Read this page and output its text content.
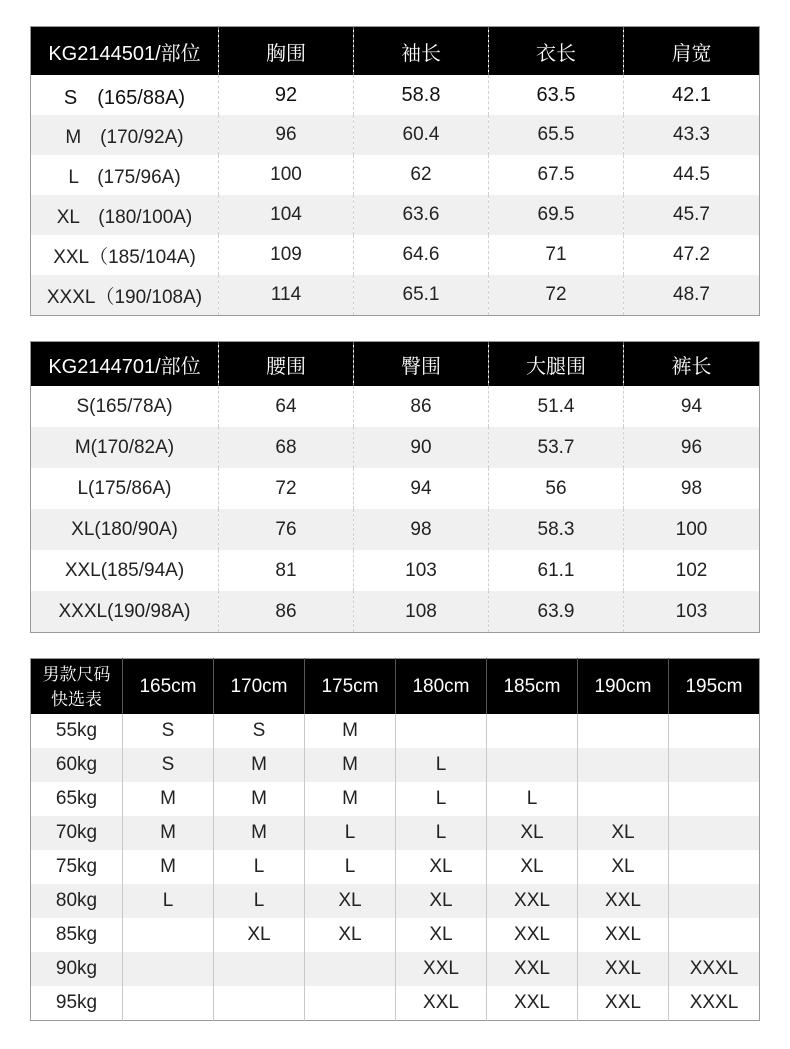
KG2144501/部位	胸围	袖长	衣长	肩宽
S　(165/88A)	92	58.8	63.5	42.1
M　(170/92A)	96	60.4	65.5	43.3
L　(175/96A)	100	62	67.5	44.5
XL　(180/100A)	104	63.6	69.5	45.7
XXL（185/104A)	109	64.6	71	47.2
XXXL（190/108A)	114	65.1	72	48.7
KG2144701/部位	腰围	臀围	大腿围	裤长
S(165/78A)	64	86	51.4	94
M(170/82A)	68	90	53.7	96
L(175/86A)	72	94	56	98
XL(180/90A)	76	98	58.3	100
XXL(185/94A)	81	103	61.1	102
XXXL(190/98A)	86	108	63.9	103
男款尺码
快选表	165cm	170cm	175cm	180cm	185cm	190cm	195cm
55kg	S	S	M				
60kg	S	M	M	L			
65kg	M	M	M	L	L		
70kg	M	M	L	L	XL	XL	
75kg	M	L	L	XL	XL	XL	
80kg	L	L	XL	XL	XXL	XXL	
85kg		XL	XL	XL	XXL	XXL	
90kg				XXL	XXL	XXL	XXXL
95kg				XXL	XXL	XXL	XXXL
